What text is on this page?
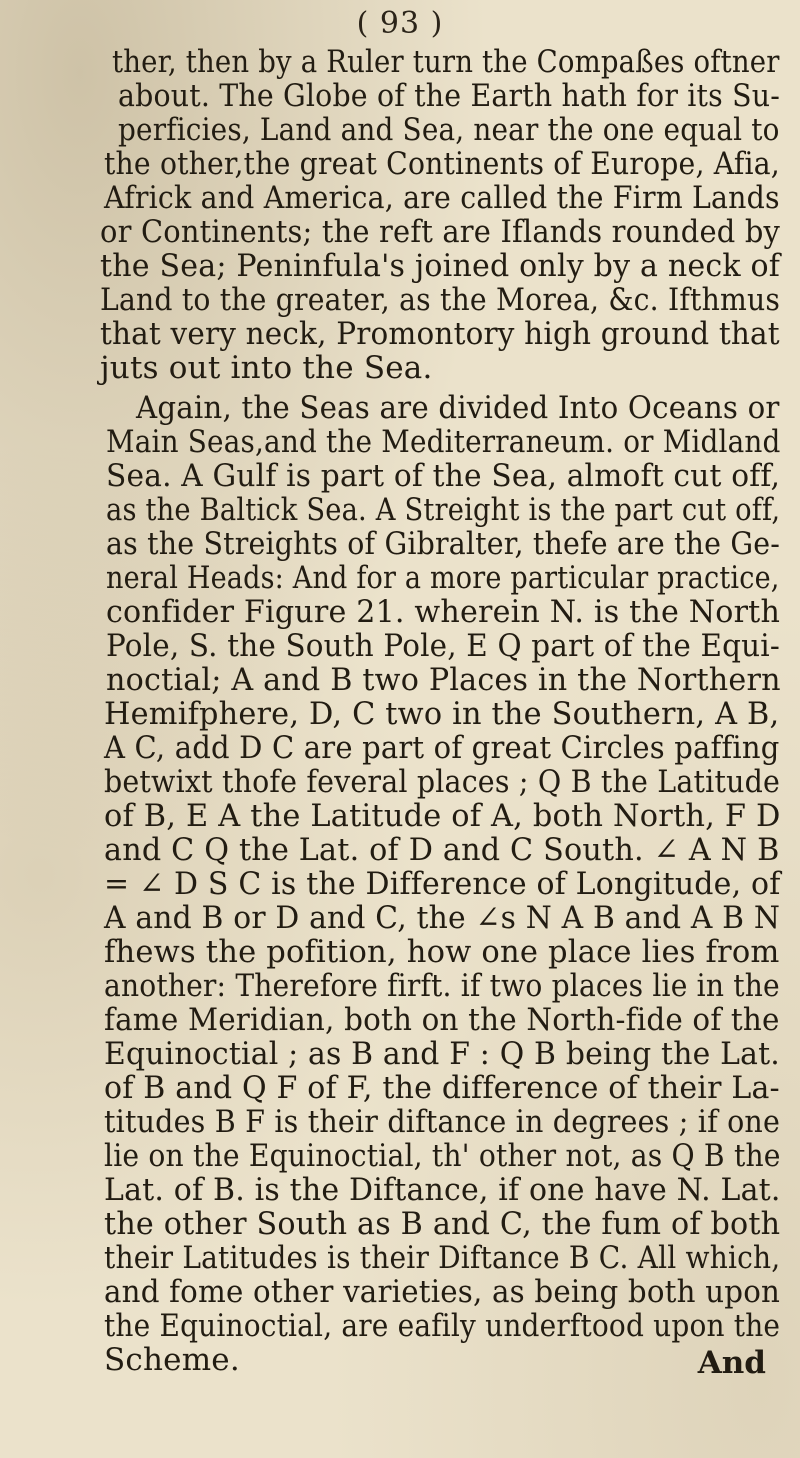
( 93 )
ther, then by a Ruler turn the Compaßes oftner
about. The Globe of the Earth hath for its Su-
perficies, Land and Sea, near the one equal to
the other,the great Continents of Europe, Afia,
Africk and America, are called the Firm Lands
or Continents; the reft are Iflands rounded by
the Sea; Peninfula's joined only by a neck of
Land to the greater, as the Morea, &c. Ifthmus
that very neck, Promontory high ground that
juts out into the Sea.
Again, the Seas are divided Into Oceans or
Main Seas,and the Mediterraneum. or Midland
Sea. A Gulf is part of the Sea, almoft cut off,
as the Baltick Sea. A Streight is the part cut off,
as the Streights of Gibralter, thefe are the Ge-
neral Heads: And for a more particular practice,
confider Figure 21. wherein N. is the North
Pole, S. the South Pole, E Q part of the Equi-
noctial; A and B two Places in the Northern
Hemifphere, D, C two in the Southern, A B,
A C, add D C are part of great Circles paffing
betwixt thofe feveral places ; Q B the Latitude
of B, E A the Latitude of A, both North, F D
and C Q the Lat. of D and C South. ∠ A N B
= ∠ D S C is the Difference of Longitude, of
A and B or D and C, the ∠s N A B and A B N
fhews the pofition, how one place lies from
another: Therefore firft. if two places lie in the
fame Meridian, both on the North-fide of the
Equinoctial ; as B and F : Q B being the Lat.
of B and Q F of F, the difference of their La-
titudes B F is their diftance in degrees ; if one
lie on the Equinoctial, th' other not, as Q B the
Lat. of B. is the Diftance, if one have N. Lat.
the other South as B and C, the fum of both
their Latitudes is their Diftance B C. All which,
and fome other varieties, as being both upon
the Equinoctial, are eafily underftood upon the
Scheme.	And
